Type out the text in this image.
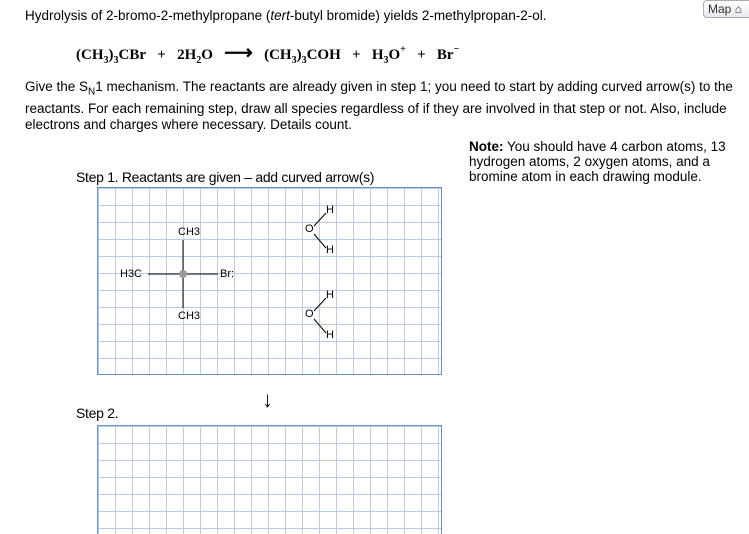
Hydrolysis of 2-bromo-2-methylpropane (tert-butyl bromide) yields 2-methylpropan-2-ol.	Map ⌂
$(CH_3)_3CBr + 2H_2O$ ⟶ $(CH_3)_3COH + H_3O^+ + Br^-$
Give the $S_N1$ mechanism. The reactants are already given in step 1; you need to start by adding curved arrow(s) to the reactants. For each remaining step, draw all species regardless of if they are involved in that step or not. Also, include electrons and charges where necessary. Details count.
Note: You should have 4 carbon atoms, 13 hydrogen atoms, 2 oxygen atoms, and a bromine atom in each drawing module.
Step 1. Reactants are given – add curved arrow(s)
CH3
H3C	Br:
CH3
O
H
H
O
H
H
↓
Step 2.
